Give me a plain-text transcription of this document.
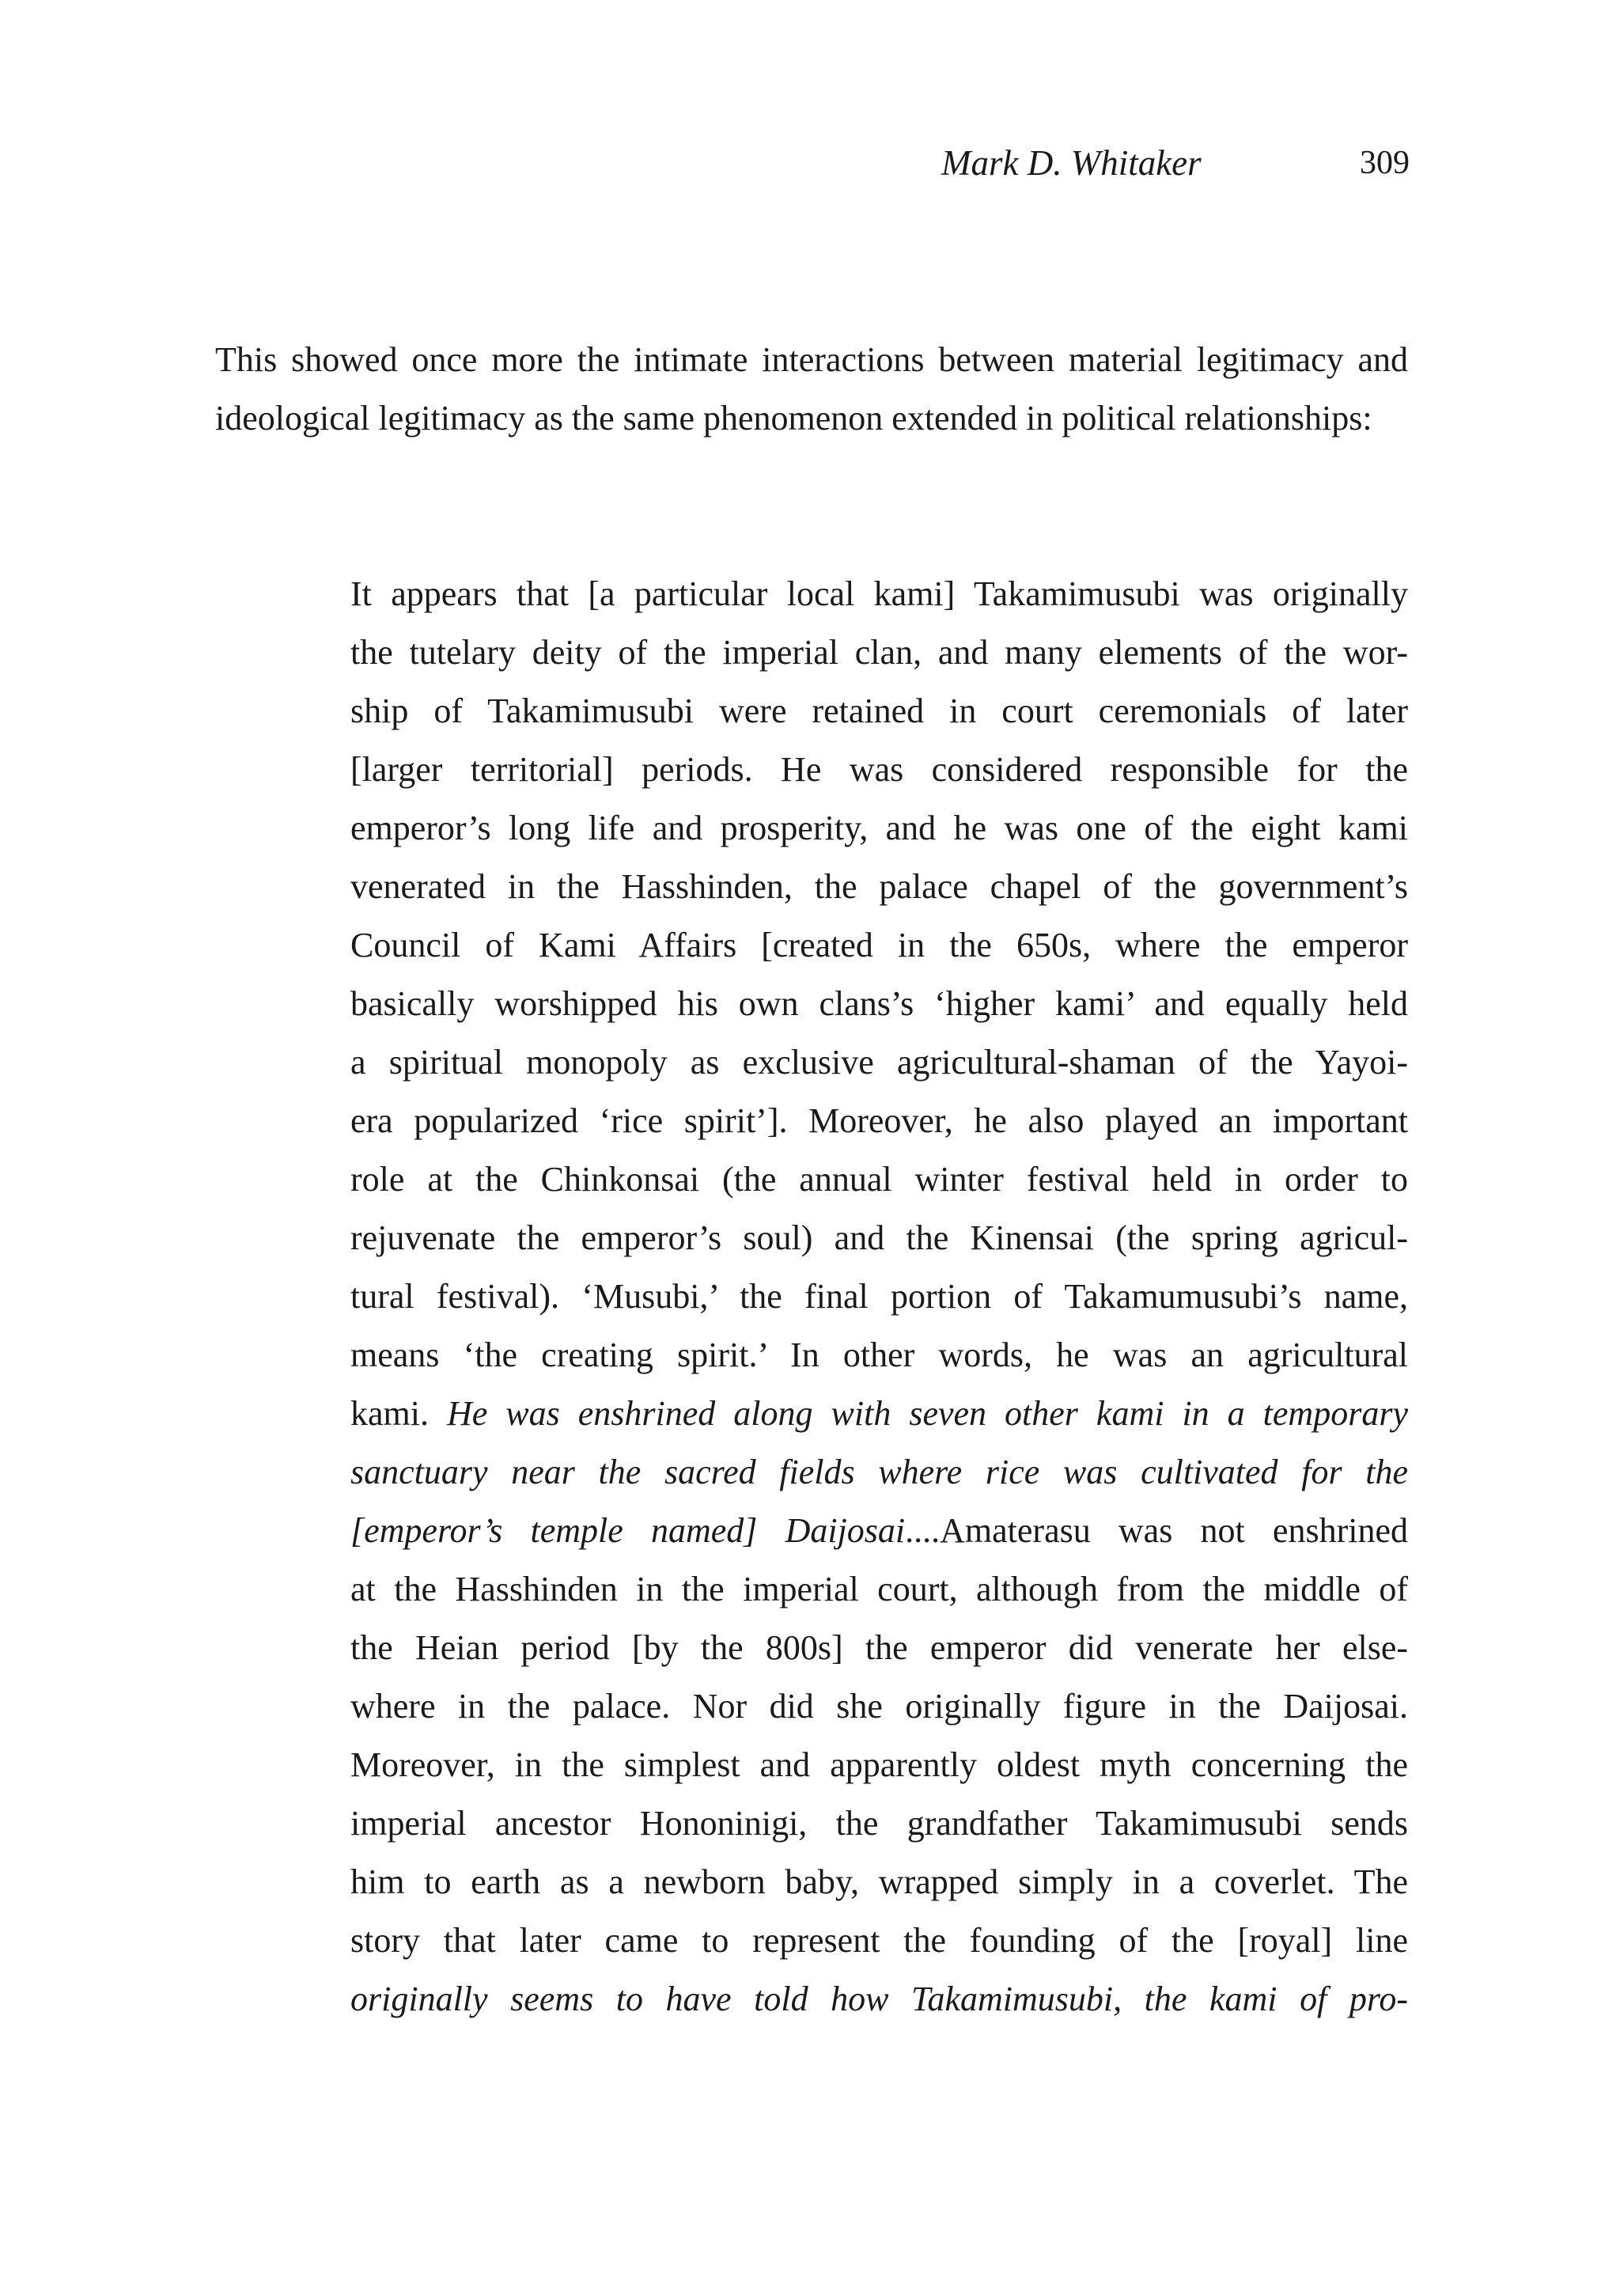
Mark D. Whitaker	309

This showed once more the intimate interactions between material legitimacy and ideological legitimacy as the same phenomenon extended in political relationships:

It appears that [a particular local kami] Takamimusubi was originally
the tutelary deity of the imperial clan, and many elements of the wor-
ship of Takamimusubi were retained in court ceremonials of later
[larger territorial] periods. He was considered responsible for the
emperor’s long life and prosperity, and he was one of the eight kami
venerated in the Hasshinden, the palace chapel of the government’s
Council of Kami Affairs [created in the 650s, where the emperor
basically worshipped his own clans’s ‘higher kami’ and equally held
a spiritual monopoly as exclusive agricultural-shaman of the Yayoi-
era popularized ‘rice spirit’]. Moreover, he also played an important
role at the Chinkonsai (the annual winter festival held in order to
rejuvenate the emperor’s soul) and the Kinensai (the spring agricul-
tural festival). ‘Musubi,’ the final portion of Takamumusubi’s name,
means ‘the creating spirit.’ In other words, he was an agricultural
kami. He was enshrined along with seven other kami in a temporary
sanctuary near the sacred fields where rice was cultivated for the
[emperor’s temple named] Daijosai....Amaterasu was not enshrined
at the Hasshinden in the imperial court, although from the middle of
the Heian period [by the 800s] the emperor did venerate her else-
where in the palace. Nor did she originally figure in the Daijosai.
Moreover, in the simplest and apparently oldest myth concerning the
imperial ancestor Hononinigi, the grandfather Takamimusubi sends
him to earth as a newborn baby, wrapped simply in a coverlet. The
story that later came to represent the founding of the [royal] line
originally seems to have told how Takamimusubi, the kami of pro-
